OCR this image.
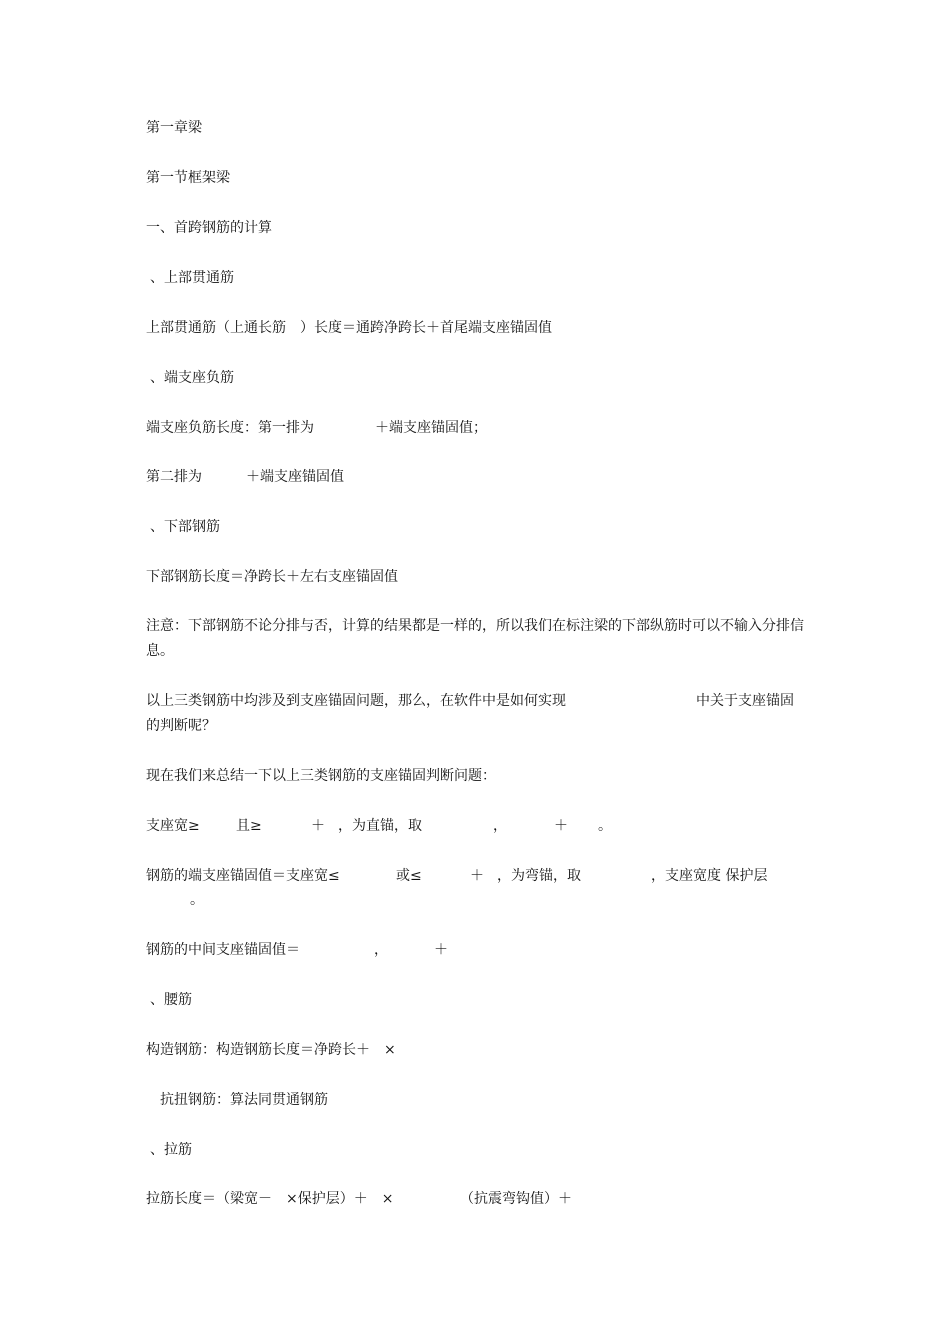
第一章梁
第一节框架梁
一、首跨钢筋的计算
、上部贯通筋
上部贯通筋（上通长筋　）长度＝通跨净跨长＋首尾端支座锚固值
、端支座负筋
端支座负筋长度：第一排为	＋端支座锚固值；
第二排为	＋端支座锚固值
、下部钢筋
下部钢筋长度＝净跨长＋左右支座锚固值
注意：下部钢筋不论分排与否，计算的结果都是一样的，所以我们在标注梁的下部纵筋时可以不输入分排信息。
以上三类钢筋中均涉及到支座锚固问题，那么，在软件中是如何实现	中关于支座锚固
的判断呢？
现在我们来总结一下以上三类钢筋的支座锚固判断问题：
支座宽≥	且≥	＋ ，为直锚，取	，	＋ 。
钢筋的端支座锚固值＝支座宽≤	或≤	＋ ，为弯锚，取	，支座宽度 保护层
。
钢筋的中间支座锚固值＝	，	＋
、腰筋
构造钢筋：构造钢筋长度＝净跨长＋　×
抗扭钢筋：算法同贯通钢筋
、拉筋
拉筋长度＝（梁宽－　×保护层）＋　×	（抗震弯钩值）＋
